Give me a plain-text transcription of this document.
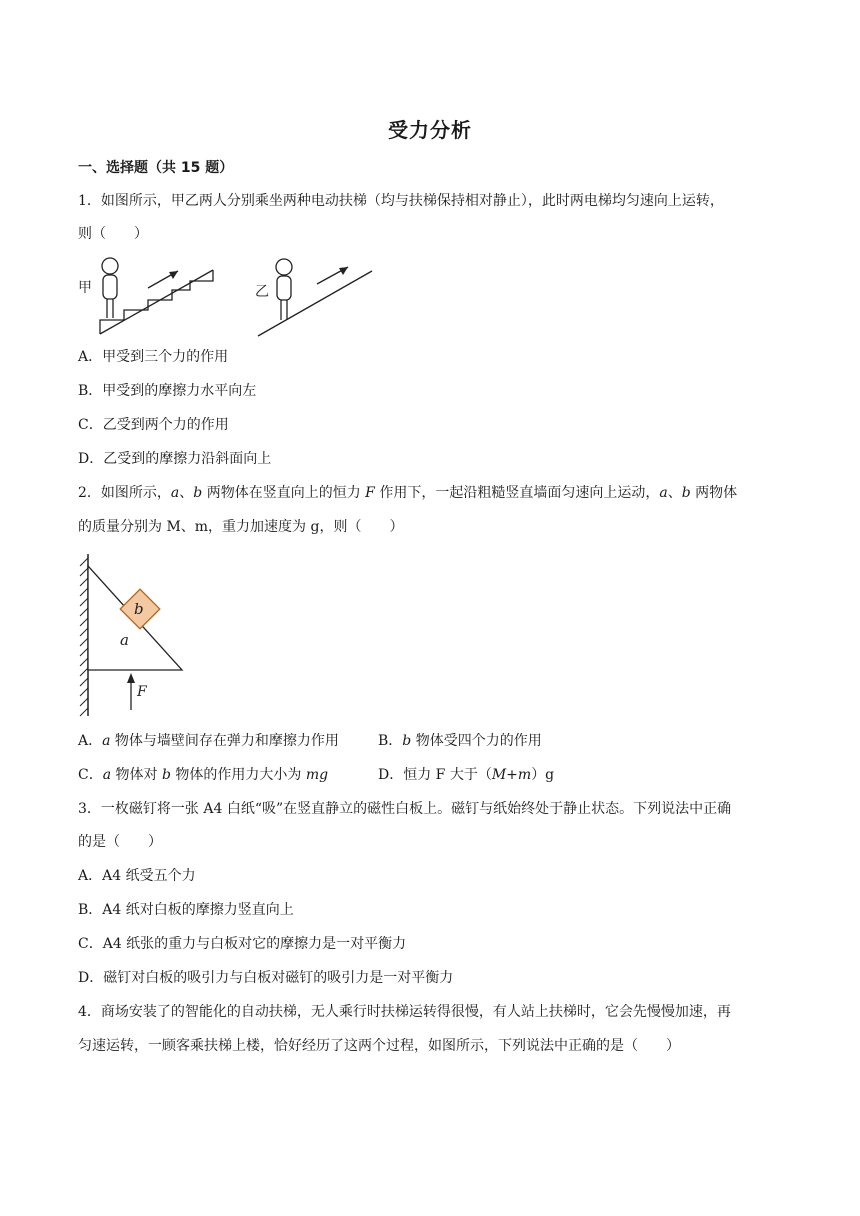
受力分析
一、选择题（共 15 题）
1．如图所示，甲乙两人分别乘坐两种电动扶梯（均与扶梯保持相对静止），此时两电梯均匀速向上运转，
则（　　）
甲	乙
A．甲受到三个力的作用
B．甲受到的摩擦力水平向左
C．乙受到两个力的作用
D．乙受到的摩擦力沿斜面向上
2．如图所示，a、b 两物体在竖直向上的恒力 F 作用下，一起沿粗糙竖直墙面匀速向上运动，a、b 两物体
的质量分别为 M、m，重力加速度为 g，则（　　）
a
b
F
A．a 物体与墙壁间存在弹力和摩擦力作用	B．b 物体受四个力的作用
C．a 物体对 b 物体的作用力大小为 mg	D．恒力 F 大于（M+m）g
3．一枚磁钉将一张 A4 白纸“吸”在竖直静立的磁性白板上。磁钉与纸始终处于静止状态。下列说法中正确
的是（　　）
A．A4 纸受五个力
B．A4 纸对白板的摩擦力竖直向上
C．A4 纸张的重力与白板对它的摩擦力是一对平衡力
D．磁钉对白板的吸引力与白板对磁钉的吸引力是一对平衡力
4．商场安装了的智能化的自动扶梯，无人乘行时扶梯运转得很慢，有人站上扶梯时，它会先慢慢加速，再
匀速运转，一顾客乘扶梯上楼，恰好经历了这两个过程，如图所示，下列说法中正确的是（　　）
